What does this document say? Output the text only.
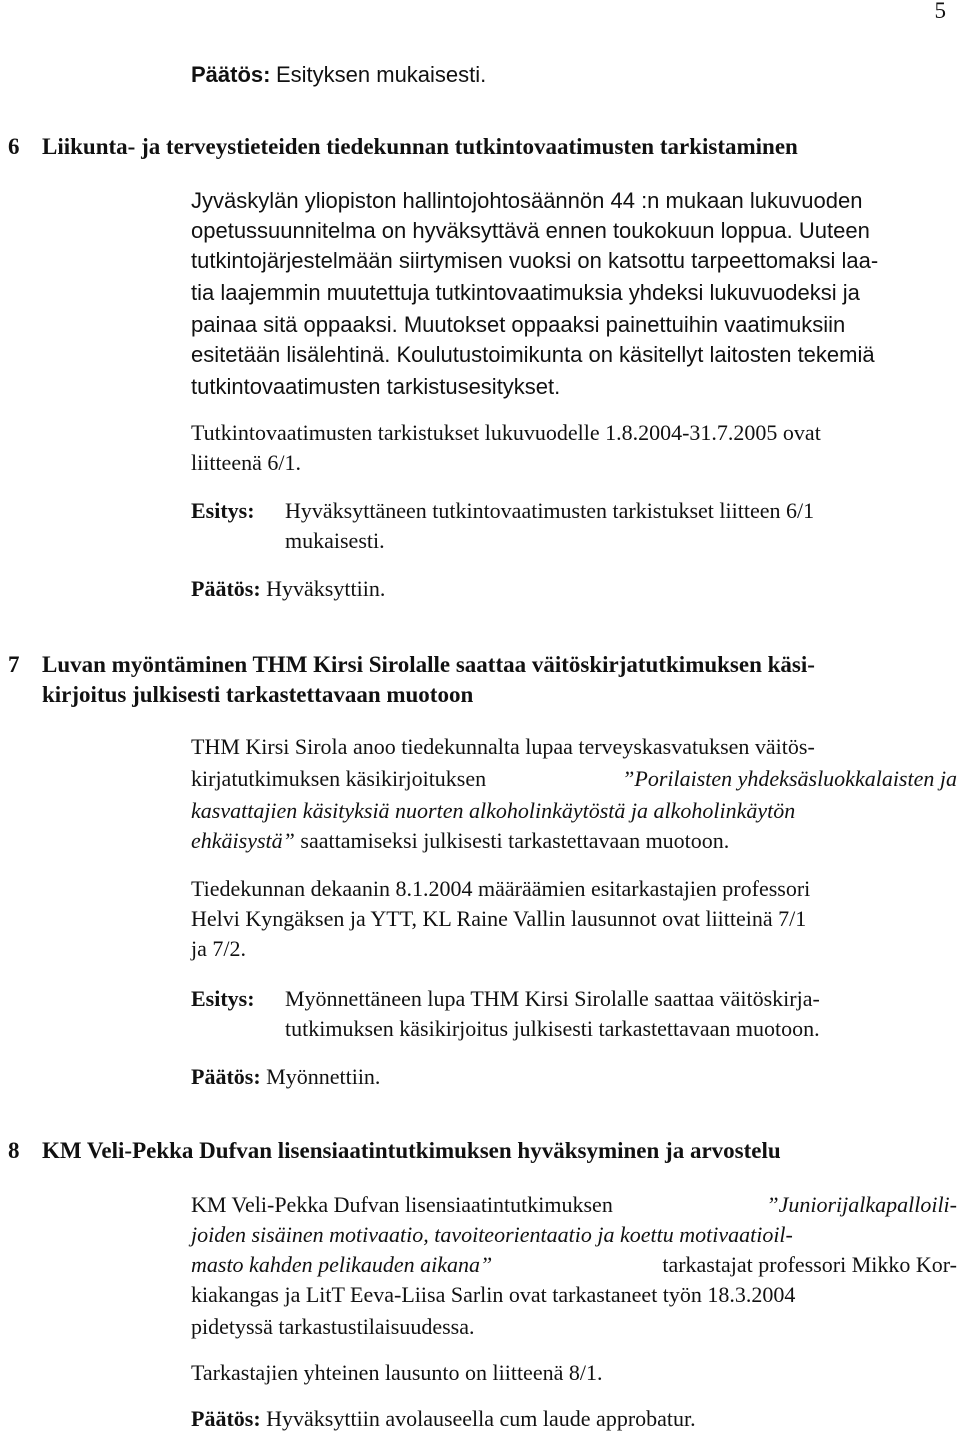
5
Päätös: Esityksen mukaisesti.
6 Liikunta- ja terveystieteiden tiedekunnan tutkintovaatimusten tarkistaminen
Jyväskylän yliopiston hallintojohtosäännön 44 :n mukaan lukuvuoden
opetussuunnitelma on hyväksyttävä ennen toukokuun loppua. Uuteen
tutkintojärjestelmään siirtymisen vuoksi on katsottu tarpeettomaksi laa-
tia laajemmin muutettuja tutkintovaatimuksia yhdeksi lukuvuodeksi ja
painaa sitä oppaaksi. Muutokset oppaaksi painettuihin vaatimuksiin
esitetään lisälehtinä. Koulutustoimikunta on käsitellyt laitosten tekemiä
tutkintovaatimusten tarkistusesitykset.
Tutkintovaatimusten tarkistukset lukuvuodelle 1.8.2004-31.7.2005 ovat
liitteenä 6/1.
Esitys: Hyväksyttäneen tutkintovaatimusten tarkistukset liitteen 6/1
mukaisesti.
Päätös: Hyväksyttiin.
7 Luvan myöntäminen THM Kirsi Sirolalle saattaa väitöskirjatutkimuksen käsi-
kirjoitus julkisesti tarkastettavaan muotoon
THM Kirsi Sirola anoo tiedekunnalta lupaa terveyskasvatuksen väitös-
kirjatutkimuksen käsikirjoituksen	”Porilaisten yhdeksäsluokkalaisten ja
kasvattajien käsityksiä nuorten alkoholinkäytöstä ja alkoholinkäytön
ehkäisystä” saattamiseksi julkisesti tarkastettavaan muotoon.
Tiedekunnan dekaanin 8.1.2004 määräämien esitarkastajien professori
Helvi Kyngäksen ja YTT, KL Raine Vallin lausunnot ovat liitteinä 7/1
ja 7/2.
Esitys: Myönnettäneen lupa THM Kirsi Sirolalle saattaa väitöskirja-
tutkimuksen käsikirjoitus julkisesti tarkastettavaan muotoon.
Päätös: Myönnettiin.
8 KM Veli-Pekka Dufvan lisensiaatintutkimuksen hyväksyminen ja arvostelu
KM Veli-Pekka Dufvan lisensiaatintutkimuksen	”Juniorijalkapalloili-
joiden sisäinen motivaatio, tavoiteorientaatio ja koettu motivaatioil-
masto kahden pelikauden aikana”	tarkastajat professori Mikko Kor-
kiakangas ja LitT Eeva-Liisa Sarlin ovat tarkastaneet työn 18.3.2004
pidetyssä tarkastustilaisuudessa.
Tarkastajien yhteinen lausunto on liitteenä 8/1.
Päätös: Hyväksyttiin avolauseella cum laude approbatur.
